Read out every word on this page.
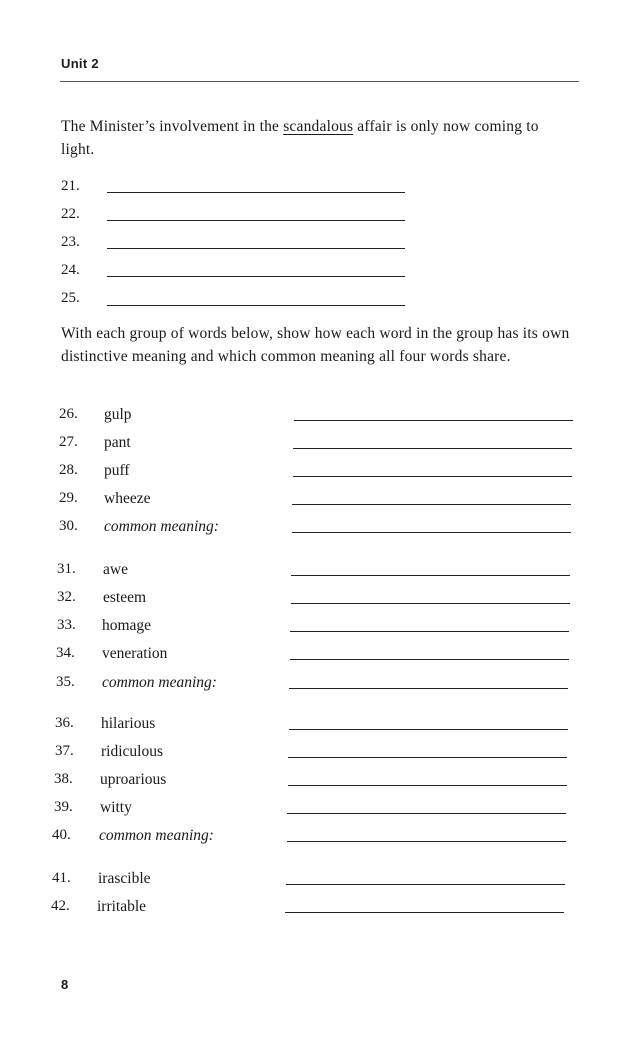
Unit 2
The Minister’s involvement in the scandalous affair is only now coming to light.
21.
22.
23.
24.
25.
With each group of words below, show how each word in the group has its own distinctive meaning and which common meaning all four words share.
26. gulp
27. pant
28. puff
29. wheeze
30. common meaning:
31. awe
32. esteem
33. homage
34. veneration
35. common meaning:
36. hilarious
37. ridiculous
38. uproarious
39. witty
40. common meaning:
41. irascible
42. irritable
8
